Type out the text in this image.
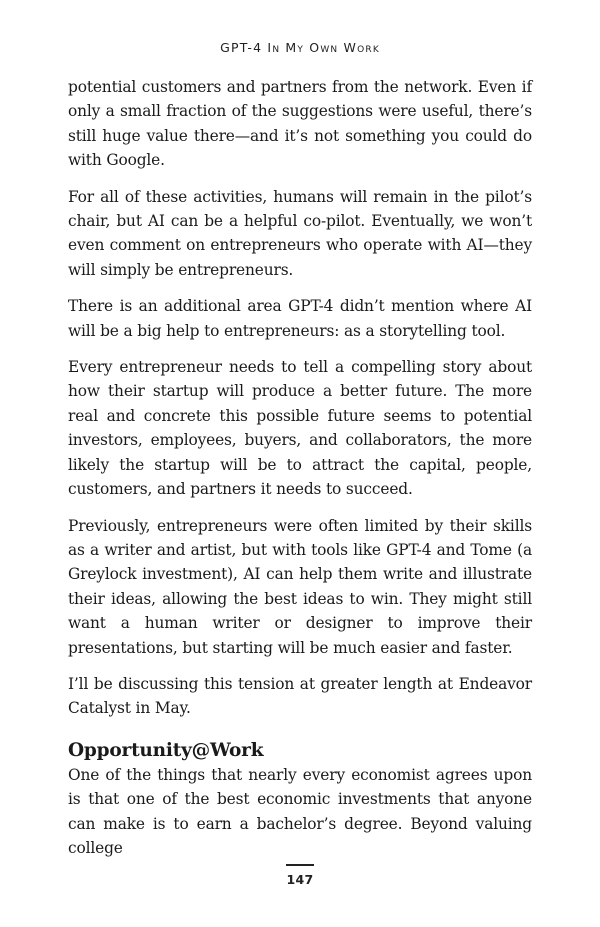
GPT-4 In My Own Work

potential customers and partners from the network. Even if only a small fraction of the suggestions were useful, there’s still huge value there—and it’s not something you could do with Google.

For all of these activities, humans will remain in the pilot’s chair, but AI can be a helpful co-pilot. Eventually, we won’t even comment on entrepreneurs who operate with AI—they will simply be entrepreneurs.

There is an additional area GPT-4 didn’t mention where AI will be a big help to entrepreneurs: as a storytelling tool.

Every entrepreneur needs to tell a compelling story about how their startup will produce a better future. The more real and concrete this possible future seems to potential investors, employees, buyers, and collaborators, the more likely the startup will be to attract the capital, people, customers, and partners it needs to succeed.

Previously, entrepreneurs were often limited by their skills as a writer and artist, but with tools like GPT-4 and Tome (a Greylock investment), AI can help them write and illustrate their ideas, allowing the best ideas to win. They might still want a human writer or designer to improve their presentations, but starting will be much easier and faster.

I’ll be discussing this tension at greater length at Endeavor Catalyst in May.

Opportunity@Work

One of the things that nearly every economist agrees upon is that one of the best economic investments that anyone can make is to earn a bachelor’s degree. Beyond valuing college

147
